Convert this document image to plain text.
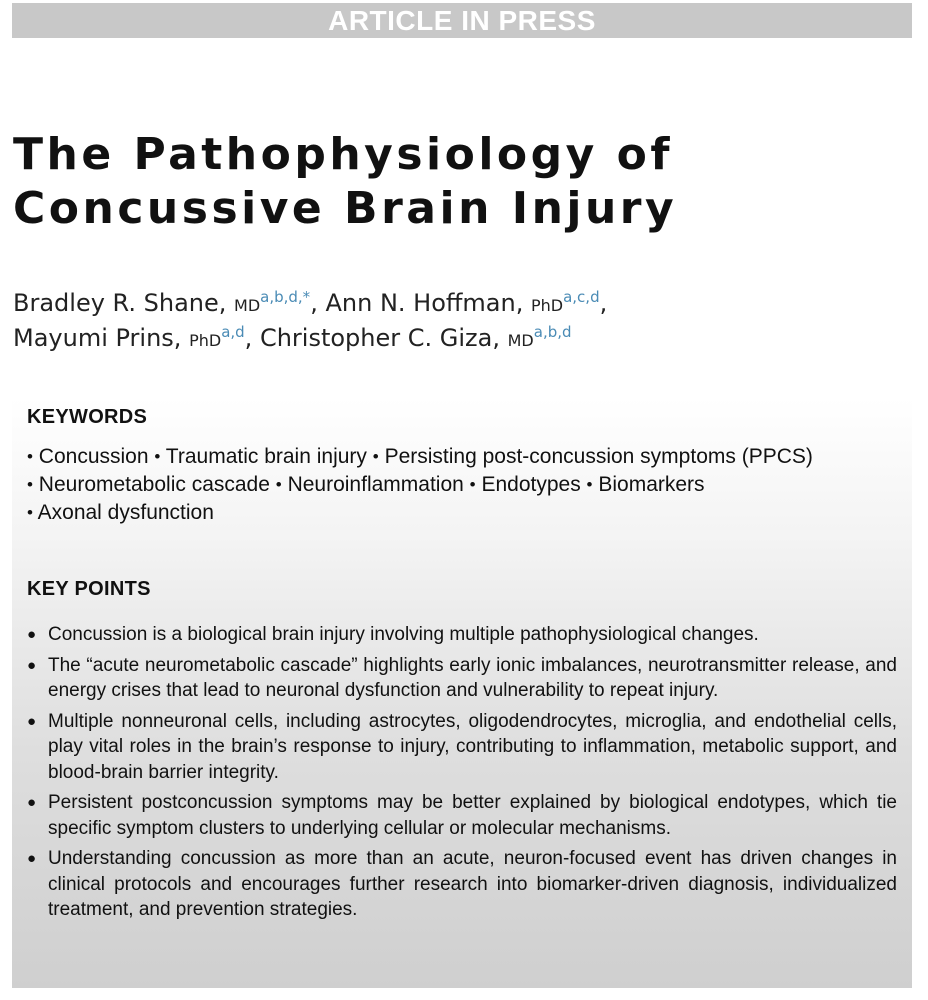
ARTICLE IN PRESS
The Pathophysiology of
Concussive Brain Injury
Bradley R. Shane, MD$^{a,b,d,*}$, Ann N. Hoffman, PhD$^{a,c,d}$,
Mayumi Prins, PhD$^{a,d}$, Christopher C. Giza, MD$^{a,b,d}$
KEYWORDS
• Concussion • Traumatic brain injury • Persisting post-concussion symptoms (PPCS)
• Neurometabolic cascade • Neuroinflammation • Endotypes • Biomarkers
• Axonal dysfunction
KEY POINTS
● Concussion is a biological brain injury involving multiple pathophysiological changes.
● The “acute neurometabolic cascade” highlights early ionic imbalances, neurotransmitter release, and energy crises that lead to neuronal dysfunction and vulnerability to repeat injury.
● Multiple nonneuronal cells, including astrocytes, oligodendrocytes, microglia, and endothelial cells, play vital roles in the brain’s response to injury, contributing to inflammation, metabolic support, and blood-brain barrier integrity.
● Persistent postconcussion symptoms may be better explained by biological endotypes, which tie specific symptom clusters to underlying cellular or molecular mechanisms.
● Understanding concussion as more than an acute, neuron-focused event has driven changes in clinical protocols and encourages further research into biomarker-driven diagnosis, individualized treatment, and prevention strategies.
